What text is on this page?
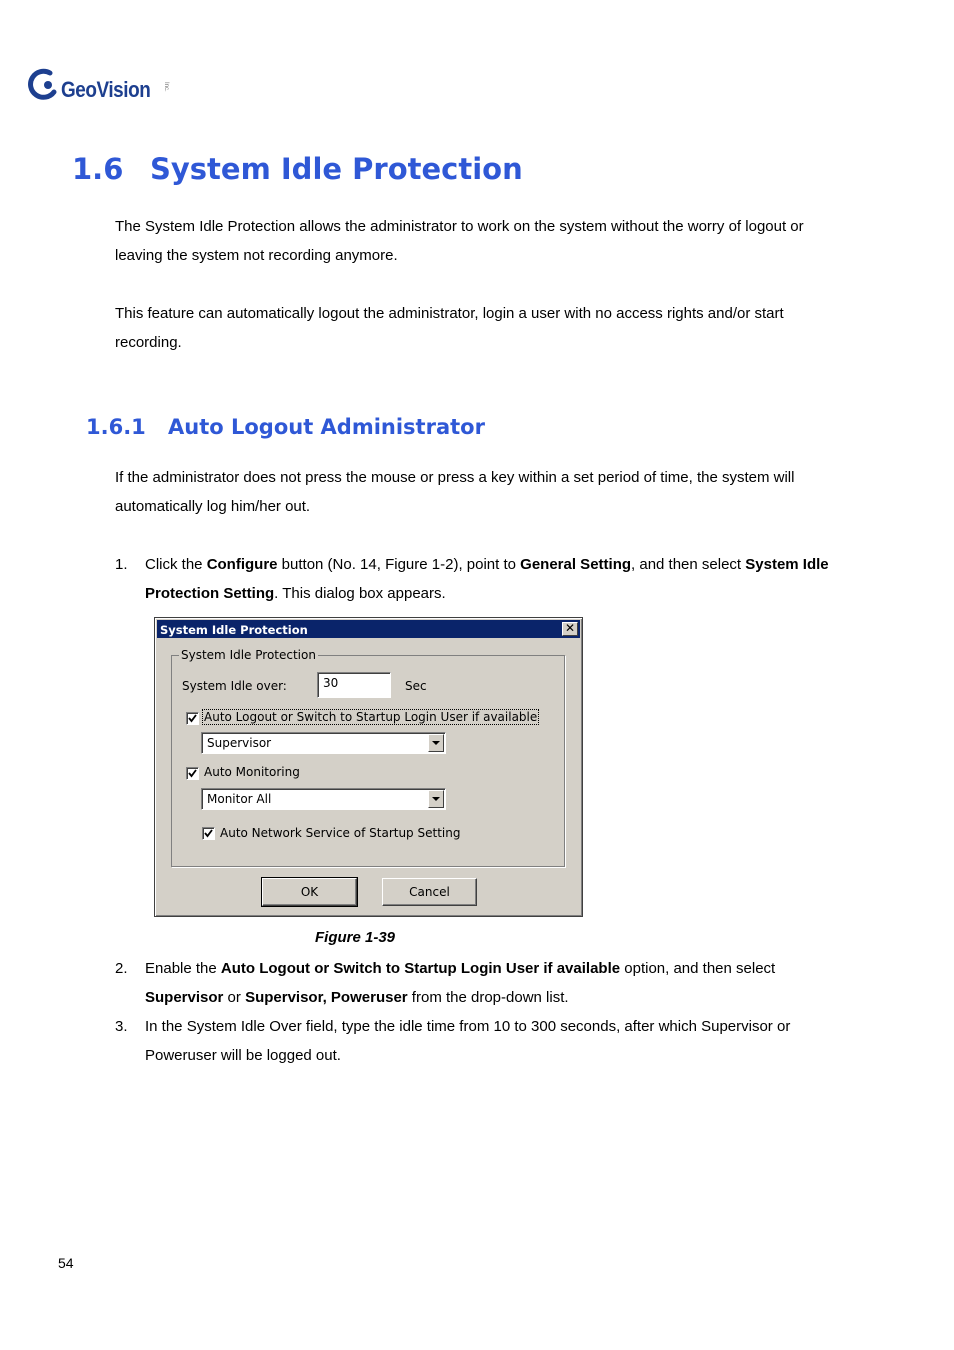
GeoVision Inc.
1.6 System Idle Protection

The System Idle Protection allows the administrator to work on the system without the worry of logout or leaving the system not recording anymore.

This feature can automatically logout the administrator, login a user with no access rights and/or start recording.

1.6.1 Auto Logout Administrator

If the administrator does not press the mouse or press a key within a set period of time, the system will automatically log him/her out.

1. Click the Configure button (No. 14, Figure 1-2), point to General Setting, and then select System Idle Protection Setting. This dialog box appears.
System Idle Protection	✕
System Idle Protection
System Idle over:
30	Sec
Auto Logout or Switch to Startup Login User if available
Supervisor
Auto Monitoring
Monitor All
Auto Network Service of Startup Setting
OK	Cancel
Figure 1-39
2. Enable the Auto Logout or Switch to Startup Login User if available option, and then select Supervisor or Supervisor, Poweruser from the drop-down list.
3. In the System Idle Over field, type the idle time from 10 to 300 seconds, after which Supervisor or Poweruser will be logged out.
54
